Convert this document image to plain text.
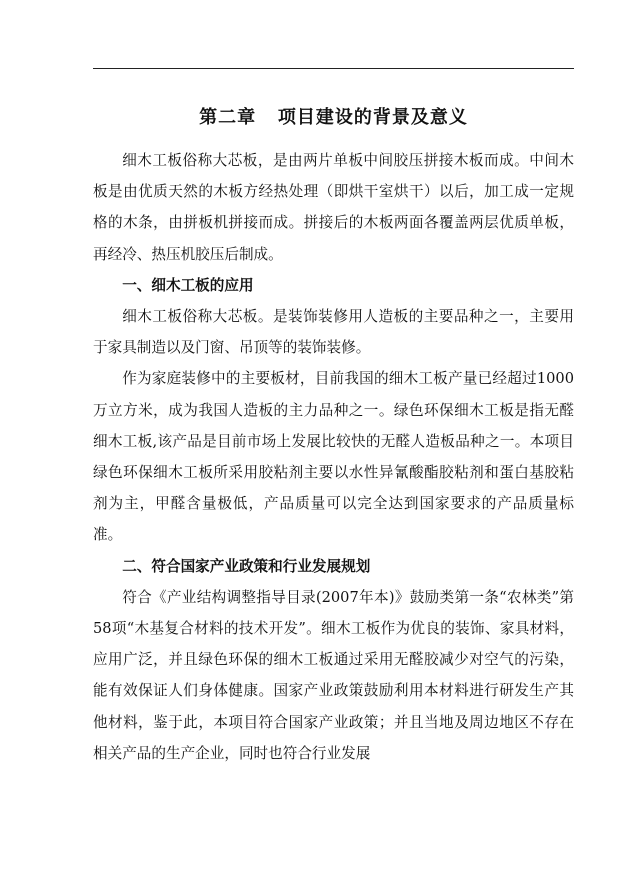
第二章   项目建设的背景及意义

细木工板俗称大芯板，是由两片单板中间胶压拼接木板而成。中间木板是由优质天然的木板方经热处理（即烘干室烘干）以后，加工成一定规格的木条，由拼板机拼接而成。拼接后的木板两面各覆盖两层优质单板，再经冷、热压机胶压后制成。

一、细木工板的应用

细木工板俗称大芯板。是装饰装修用人造板的主要品种之一，主要用于家具制造以及门窗、吊顶等的装饰装修。

作为家庭装修中的主要板材，目前我国的细木工板产量已经超过1000万立方米，成为我国人造板的主力品种之一。绿色环保细木工板是指无醛细木工板,该产品是目前市场上发展比较快的无醛人造板品种之一。本项目绿色环保细木工板所采用胶粘剂主要以水性异氰酸酯胶粘剂和蛋白基胶粘剂为主，甲醛含量极低，产品质量可以完全达到国家要求的产品质量标准。

二、符合国家产业政策和行业发展规划

符合《产业结构调整指导目录(2007年本)》鼓励类第一条“农林类”第58项“木基复合材料的技术开发”。细木工板作为优良的装饰、家具材料，应用广泛，并且绿色环保的细木工板通过采用无醛胶减少对空气的污染，能有效保证人们身体健康。国家产业政策鼓励利用本材料进行研发生产其他材料，鉴于此，本项目符合国家产业政策；并且当地及周边地区不存在相关产品的生产企业，同时也符合行业发展
